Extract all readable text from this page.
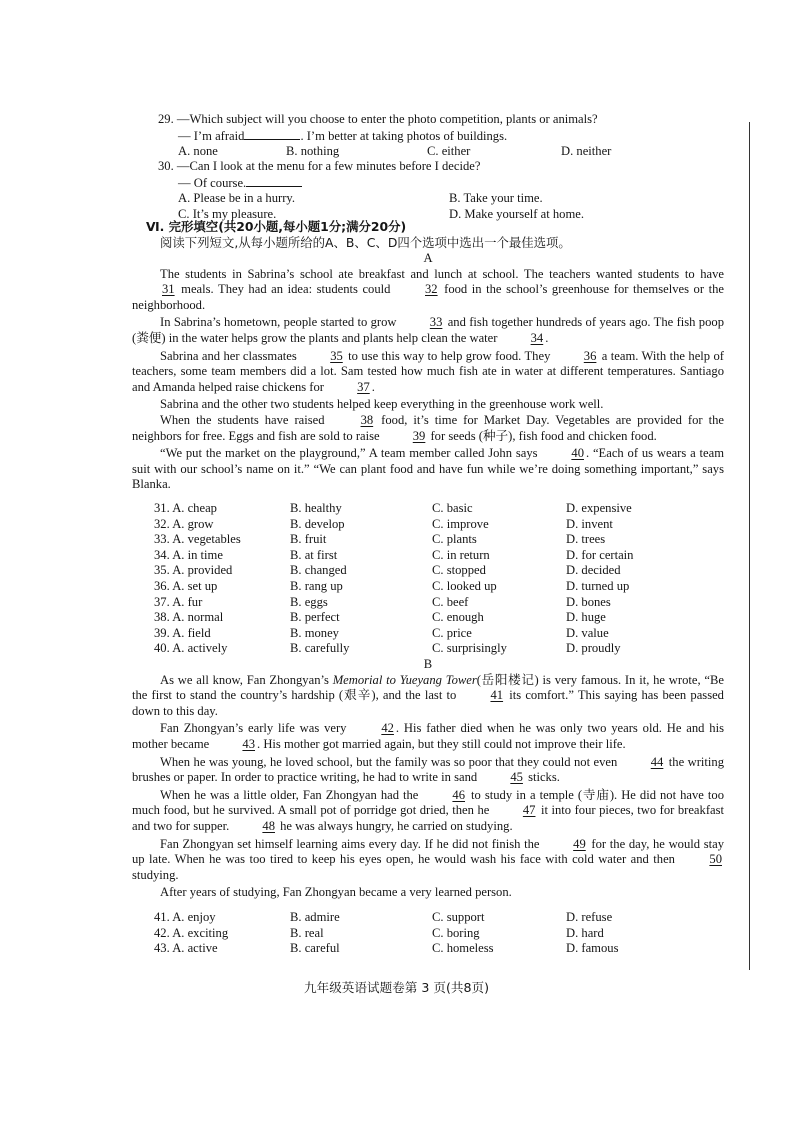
29. —Which subject will you choose to enter the photo competition, plants or animals?

— I’m afraid	. I’m better at taking photos of buildings.

A. none	B. nothing	C. either	D. neither

30. —Can I look at the menu for a few minutes before I decide?

— Of course.

A. Please be in a hurry.	B. Take your time.
C. It’s my pleasure.	D. Make yourself at home.

Ⅵ. 完形填空(共20小题,每小题1分;满分20分)

阅读下列短文,从每小题所给的A、B、C、D四个选项中选出一个最佳选项。

A

The students in Sabrina’s school ate breakfast and lunch at school. The teachers wanted students to have 31 meals. They had an idea: students could 32 food in the school’s greenhouse for themselves or the neighborhood.

In Sabrina’s hometown, people started to grow 33 and fish together hundreds of years ago. The fish poop (粪便) in the water helps grow the plants and plants help clean the water 34 .

Sabrina and her classmates 35 to use this way to help grow food. They 36 a team. With the help of teachers, some team members did a lot. Sam tested how much fish ate in water at different temperatures. Santiago and Amanda helped raise chickens for 37 .

Sabrina and the other two students helped keep everything in the greenhouse work well.

When the students have raised 38 food, it’s time for Market Day. Vegetables are provided for the neighbors for free. Eggs and fish are sold to raise 39 for seeds (种子), fish food and chicken food.

“We put the market on the playground,” A team member called John says 40 . “Each of us wears a team suit with our school’s name on it.” “We can plant food and have fun while we’re doing something important,” says Blanka.

31. A. cheap	B. healthy	C. basic	D. expensive
32. A. grow	B. develop	C. improve	D. invent
33. A. vegetables	B. fruit	C. plants	D. trees
34. A. in time	B. at first	C. in return	D. for certain
35. A. provided	B. changed	C. stopped	D. decided
36. A. set up	B. rang up	C. looked up	D. turned up
37. A. fur	B. eggs	C. beef	D. bones
38. A. normal	B. perfect	C. enough	D. huge
39. A. field	B. money	C. price	D. value
40. A. actively	B. carefully	C. surprisingly	D. proudly

B

As we all know, Fan Zhongyan’s Memorial to Yueyang Tower(岳阳楼记) is very famous. In it, he wrote, “Be the first to stand the country’s hardship (艰辛), and the last to 41 its comfort.” This saying has been passed down to this day.

Fan Zhongyan’s early life was very 42 . His father died when he was only two years old. He and his mother became 43 . His mother got married again, but they still could not improve their life.

When he was young, he loved school, but the family was so poor that they could not even 44 the writing brushes or paper. In order to practice writing, he had to write in sand 45 sticks.

When he was a little older, Fan Zhongyan had the 46 to study in a temple (寺庙). He did not have too much food, but he survived. A small pot of porridge got dried, then he 47 it into four pieces, two for breakfast and two for supper. 48 he was always hungry, he carried on studying.

Fan Zhongyan set himself learning aims every day. If he did not finish the 49 for the day, he would stay up late. When he was too tired to keep his eyes open, he would wash his face with cold water and then 50 studying.

After years of studying, Fan Zhongyan became a very learned person.

41. A. enjoy	B. admire	C. support	D. refuse
42. A. exciting	B. real	C. boring	D. hard
43. A. active	B. careful	C. homeless	D. famous
九年级英语试题卷第 3 页(共8页)
